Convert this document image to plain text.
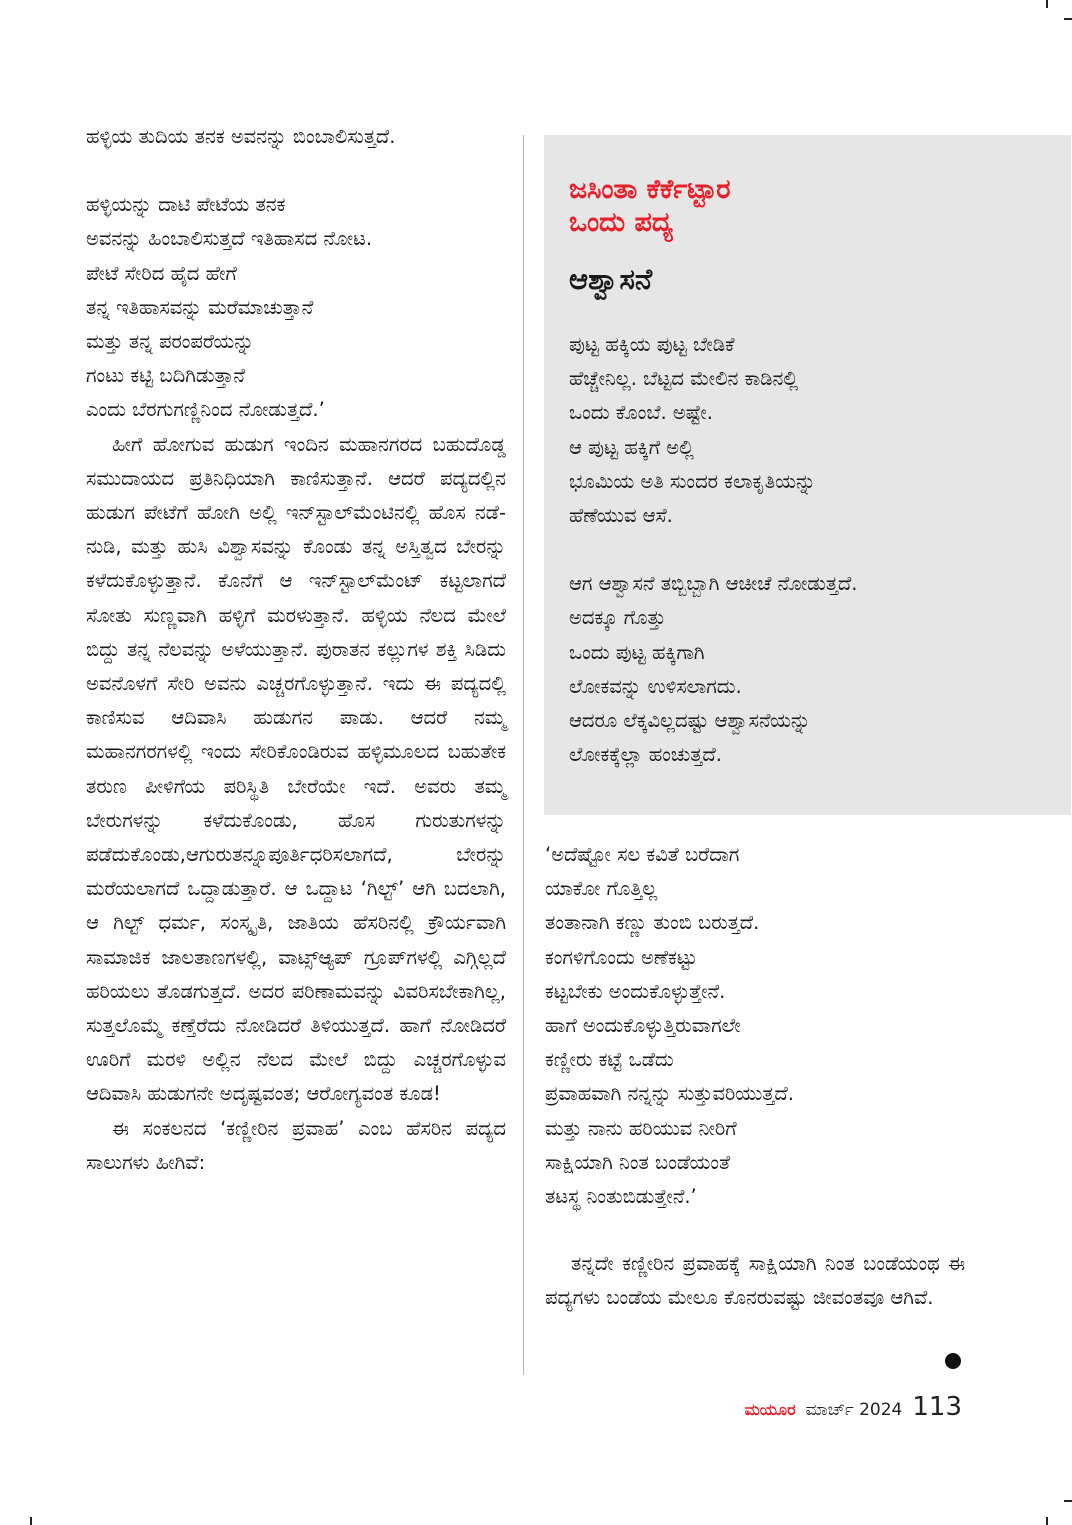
ಹಳ್ಳಿಯ ತುದಿಯ ತನಕ ಅವನನ್ನು ಬಿಂಬಾಲಿಸುತ್ತದೆ.

ಹಳ್ಳಿಯನ್ನು ದಾಟಿ ಪೇಟೆಯ ತನಕ
ಅವನನ್ನು ಹಿಂಬಾಲಿಸುತ್ತದೆ ಇತಿಹಾಸದ ನೋಟ.
ಪೇಟೆ ಸೇರಿದ ಹೈದ ಹೇಗೆ
ತನ್ನ ಇತಿಹಾಸವನ್ನು ಮರೆಮಾಚುತ್ತಾನೆ
ಮತ್ತು ತನ್ನ ಪರಂಪರೆಯನ್ನು
ಗಂಟು ಕಟ್ಟಿ ಬದಿಗಿಡುತ್ತಾನೆ
ಎಂದು ಬೆರಗುಗಣ್ಣಿನಿಂದ ನೋಡುತ್ತದೆ.’

ಹೀಗೆ ಹೋಗುವ ಹುಡುಗ ಇಂದಿನ ಮಹಾನಗರದ ಬಹುದೊಡ್ಡ ಸಮುದಾಯದ ಪ್ರತಿನಿಧಿಯಾಗಿ ಕಾಣಿಸುತ್ತಾನೆ. ಆದರೆ ಪದ್ಯದಲ್ಲಿನ ಹುಡುಗ ಪೇಟೆಗೆ ಹೋಗಿ ಅಲ್ಲಿ ಇನ್‌ಸ್ಟಾಲ್‌ಮೆಂಟಿನಲ್ಲಿ ಹೊಸ ನಡೆ- ನುಡಿ, ಮತ್ತು ಹುಸಿ ವಿಶ್ವಾಸವನ್ನು ಕೊಂಡು ತನ್ನ ಅಸ್ತಿತ್ವದ ಬೇರನ್ನು ಕಳೆದುಕೊಳ್ಳುತ್ತಾನೆ. ಕೊನೆಗೆ ಆ ಇನ್‌ಸ್ಟಾಲ್‌ಮೆಂಟ್ ಕಟ್ಟಲಾಗದೆ ಸೋತು ಸುಣ್ಣವಾಗಿ ಹಳ್ಳಿಗೆ ಮರಳುತ್ತಾನೆ. ಹಳ್ಳಿಯ ನೆಲದ ಮೇಲೆ ಬಿದ್ದು ತನ್ನ ನೆಲವನ್ನು ಅಳೆಯುತ್ತಾನೆ. ಪುರಾತನ ಕಲ್ಲುಗಳ ಶಕ್ತಿ ಸಿಡಿದು ಅವನೊಳಗೆ ಸೇರಿ ಅವನು ಎಚ್ಚರಗೊಳ್ಳುತ್ತಾನೆ. ಇದು ಈ ಪದ್ಯದಲ್ಲಿ ಕಾಣಿಸುವ ಆದಿವಾಸಿ ಹುಡುಗನ ಪಾಡು. ಆದರೆ ನಮ್ಮ ಮಹಾನಗರಗಳಲ್ಲಿ ಇಂದು ಸೇರಿಕೊಂಡಿರುವ ಹಳ್ಳಿಮೂಲದ ಬಹುತೇಕ ತರುಣ ಪೀಳಿಗೆಯ ಪರಿಸ್ಥಿತಿ ಬೇರೆಯೇ ಇದೆ. ಅವರು ತಮ್ಮ ಬೇರುಗಳನ್ನು ಕಳೆದುಕೊಂಡು, ಹೊಸ ಗುರುತುಗಳನ್ನು ಪಡೆದುಕೊಂಡು,ಆಗುರುತನ್ನೂಪೂರ್ತಿಧರಿಸಲಾಗದೆ, ಬೇರನ್ನು ಮರೆಯಲಾಗದೆ ಒದ್ದಾಡುತ್ತಾರೆ. ಆ ಒದ್ದಾಟ ‘ಗಿಲ್ಟ್’ ಆಗಿ ಬದಲಾಗಿ, ಆ ಗಿಲ್ಟ್ ಧರ್ಮ, ಸಂಸ್ಕೃತಿ, ಜಾತಿಯ ಹೆಸರಿನಲ್ಲಿ ಕ್ರೌರ್ಯವಾಗಿ ಸಾಮಾಜಿಕ ಜಾಲತಾಣಗಳಲ್ಲಿ, ವಾಟ್ಸ್‌ಆ್ಯಪ್ ಗ್ರೂಪ್‌ಗಳಲ್ಲಿ ಎಗ್ಗಿಲ್ಲದೆ ಹರಿಯಲು ತೊಡಗುತ್ತದೆ. ಅದರ ಪರಿಣಾಮವನ್ನು ವಿವರಿಸಬೇಕಾಗಿಲ್ಲ, ಸುತ್ತಲೊಮ್ಮೆ ಕಣ್ತೆರೆದು ನೋಡಿದರೆ ತಿಳಿಯುತ್ತದೆ. ಹಾಗೆ ನೋಡಿದರೆ ಊರಿಗೆ ಮರಳಿ ಅಲ್ಲಿನ ನೆಲದ ಮೇಲೆ ಬಿದ್ದು ಎಚ್ಚರಗೊಳ್ಳುವ ಆದಿವಾಸಿ ಹುಡುಗನೇ ಅದೃಷ್ಟವಂತ; ಆರೋಗ್ಯವಂತ ಕೂಡ!

ಈ ಸಂಕಲನದ ‘ಕಣ್ಣೀರಿನ ಪ್ರವಾಹ’ ಎಂಬ ಹೆಸರಿನ ಪದ್ಯದ ಸಾಲುಗಳು ಹೀಗಿವೆ:

ಜಸಿಂತಾ ಕೆರ್ಕೆಟ್ಟಾರ
ಒಂದು ಪದ್ಯ
ಆಶ್ವಾಸನೆ
ಪುಟ್ಟ ಹಕ್ಕಿಯ ಪುಟ್ಟ ಬೇಡಿಕೆ
ಹೆಚ್ಚೇನಿಲ್ಲ. ಬೆಟ್ಟದ ಮೇಲಿನ ಕಾಡಿನಲ್ಲಿ
ಒಂದು ಕೊಂಬೆ. ಅಷ್ಟೇ.
ಆ ಪುಟ್ಟ ಹಕ್ಕಿಗೆ ಅಲ್ಲಿ
ಭೂಮಿಯ ಅತಿ ಸುಂದರ ಕಲಾಕೃತಿಯನ್ನು
ಹೆಣೆಯುವ ಆಸೆ.
ಆಗ ಆಶ್ವಾಸನೆ ತಬ್ಬಿಬ್ಬಾಗಿ ಆಚೀಚೆ ನೋಡುತ್ತದೆ.
ಅದಕ್ಕೂ ಗೊತ್ತು
ಒಂದು ಪುಟ್ಟ ಹಕ್ಕಿಗಾಗಿ
ಲೋಕವನ್ನು ಉಳಿಸಲಾಗದು.
ಆದರೂ ಲೆಕ್ಕವಿಲ್ಲದಷ್ಟು ಆಶ್ವಾಸನೆಯನ್ನು
ಲೋಕಕ್ಕೆಲ್ಲಾ ಹಂಚುತ್ತದೆ.
‘ಅದೆಷ್ಟೋ ಸಲ ಕವಿತೆ ಬರೆದಾಗ
ಯಾಕೋ ಗೊತ್ತಿಲ್ಲ
ತಂತಾನಾಗಿ ಕಣ್ಣು ತುಂಬಿ ಬರುತ್ತದೆ.
ಕಂಗಳಿಗೊಂದು ಅಣೆಕಟ್ಟು
ಕಟ್ಟಬೇಕು ಅಂದುಕೊಳ್ಳುತ್ತೇನೆ.
ಹಾಗೆ ಅಂದುಕೊಳ್ಳುತ್ತಿರುವಾಗಲೇ
ಕಣ್ಣೀರು ಕಟ್ಟೆ ಒಡೆದು
ಪ್ರವಾಹವಾಗಿ ನನ್ನನ್ನು ಸುತ್ತುವರಿಯುತ್ತದೆ.
ಮತ್ತು ನಾನು ಹರಿಯುವ ನೀರಿಗೆ
ಸಾಕ್ಷಿಯಾಗಿ ನಿಂತ ಬಂಡೆಯಂತೆ
ತಟಸ್ಥ ನಿಂತುಬಿಡುತ್ತೇನೆ.’

ತನ್ನದೇ ಕಣ್ಣೀರಿನ ಪ್ರವಾಹಕ್ಕೆ ಸಾಕ್ಷಿಯಾಗಿ ನಿಂತ ಬಂಡೆಯಂಥ ಈ ಪದ್ಯಗಳು ಬಂಡೆಯ ಮೇಲೂ ಕೊನರುವಷ್ಟು ಜೀವಂತವೂ ಆಗಿವೆ.

ಮಯೂರ ಮಾರ್ಚ್ 2024 113
